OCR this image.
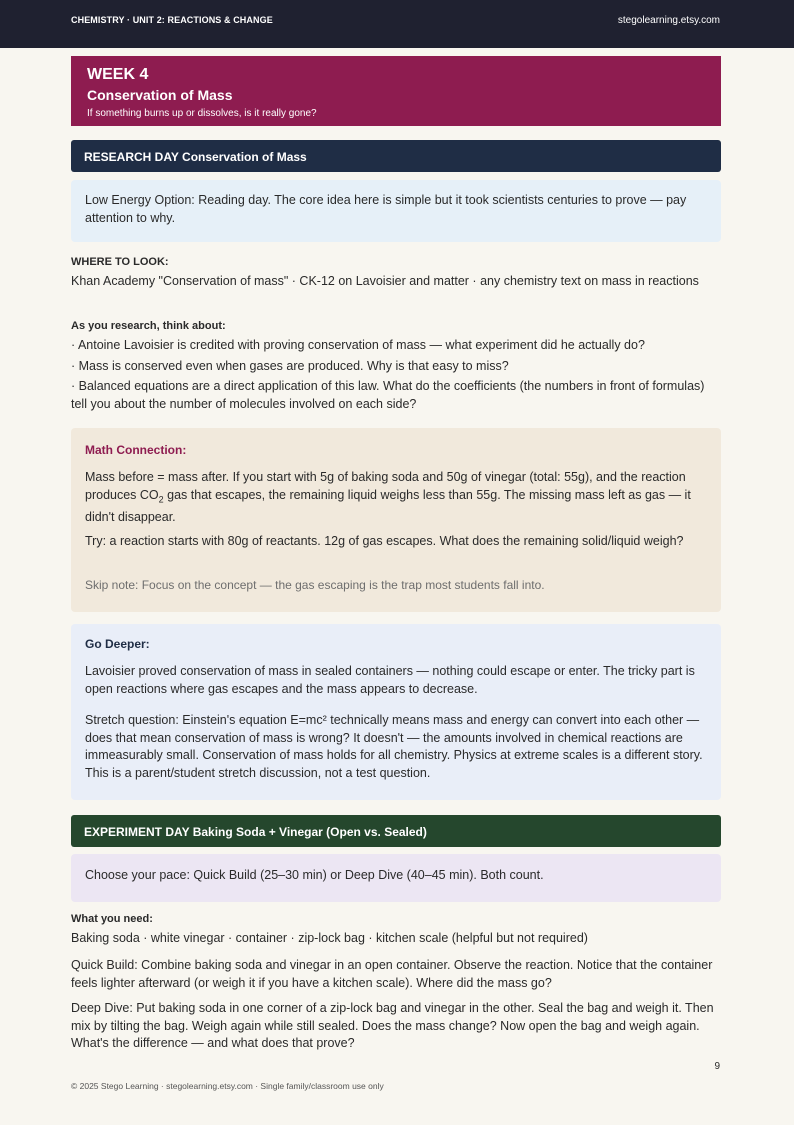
CHEMISTRY · UNIT 2: REACTIONS & CHANGE	stegolearning.etsy.com
WEEK 4
Conservation of Mass
If something burns up or dissolves, is it really gone?
RESEARCH DAY Conservation of Mass
Low Energy Option: Reading day. The core idea here is simple but it took scientists centuries to prove — pay attention to why.
WHERE TO LOOK:
Khan Academy "Conservation of mass" · CK-12 on Lavoisier and matter · any chemistry text on mass in reactions
As you research, think about:
· Antoine Lavoisier is credited with proving conservation of mass — what experiment did he actually do?
· Mass is conserved even when gases are produced. Why is that easy to miss?
· Balanced equations are a direct application of this law. What do the coefficients (the numbers in front of formulas) tell you about the number of molecules involved on each side?
Math Connection:
Mass before = mass after. If you start with 5g of baking soda and 50g of vinegar (total: 55g), and the reaction produces $CO_2$ gas that escapes, the remaining liquid weighs less than 55g. The missing mass left as gas — it didn't disappear.
Try: a reaction starts with 80g of reactants. 12g of gas escapes. What does the remaining solid/liquid weigh?
Skip note: Focus on the concept — the gas escaping is the trap most students fall into.
Go Deeper:
Lavoisier proved conservation of mass in sealed containers — nothing could escape or enter. The tricky part is open reactions where gas escapes and the mass appears to decrease.
Stretch question: Einstein's equation E=mc² technically means mass and energy can convert into each other — does that mean conservation of mass is wrong? It doesn't — the amounts involved in chemical reactions are immeasurably small. Conservation of mass holds for all chemistry. Physics at extreme scales is a different story. This is a parent/student stretch discussion, not a test question.
EXPERIMENT DAY Baking Soda + Vinegar (Open vs. Sealed)
Choose your pace: Quick Build (25–30 min) or Deep Dive (40–45 min). Both count.
What you need:
Baking soda · white vinegar · container · zip-lock bag · kitchen scale (helpful but not required)
Quick Build: Combine baking soda and vinegar in an open container. Observe the reaction. Notice that the container feels lighter afterward (or weigh it if you have a kitchen scale). Where did the mass go?
Deep Dive: Put baking soda in one corner of a zip-lock bag and vinegar in the other. Seal the bag and weigh it. Then mix by tilting the bag. Weigh again while still sealed. Does the mass change? Now open the bag and weigh again. What's the difference — and what does that prove?
9
© 2025 Stego Learning · stegolearning.etsy.com · Single family/classroom use only
